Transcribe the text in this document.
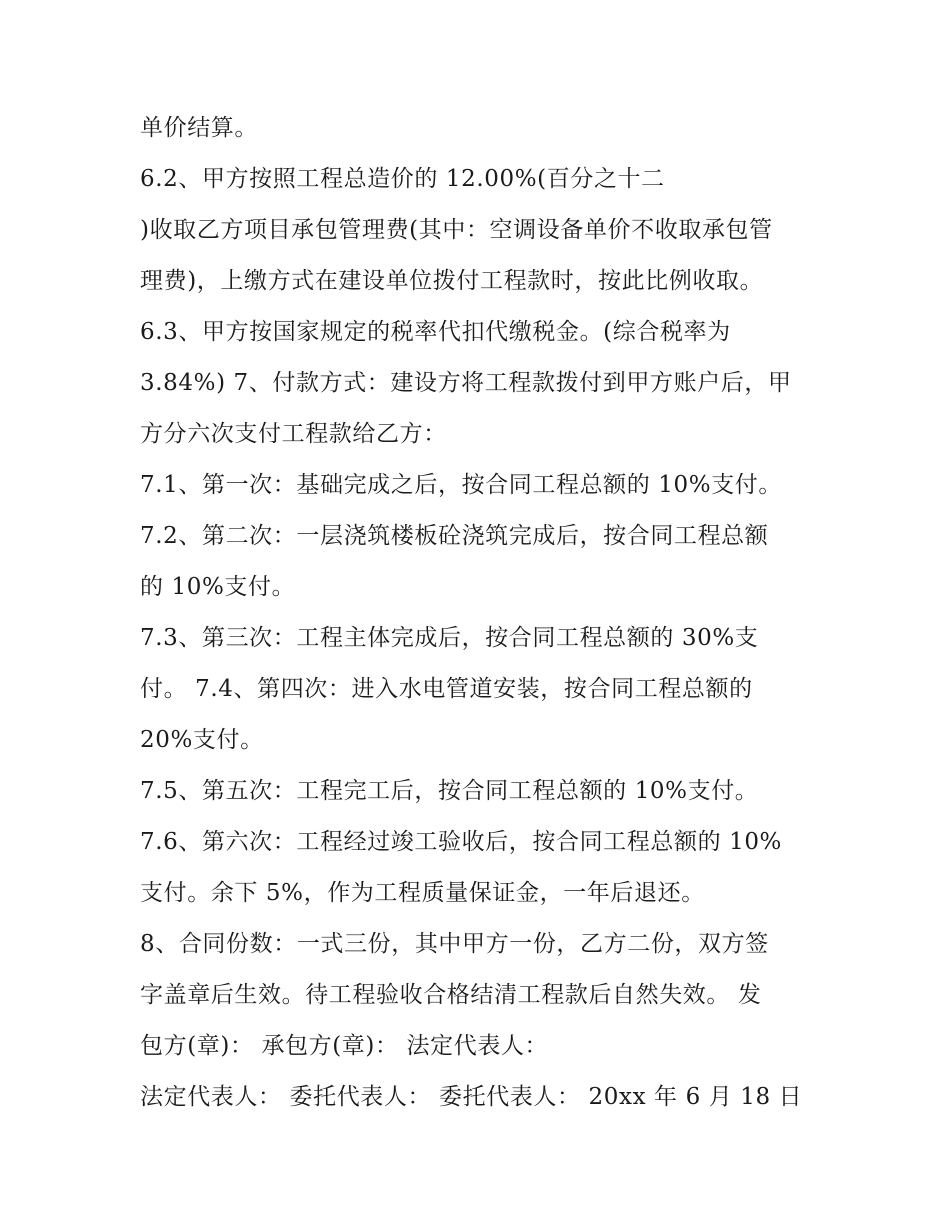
单价结算。
6.2、甲方按照工程总造价的 12.00%(百分之十二
)收取乙方项目承包管理费(其中：空调设备单价不收取承包管
理费)，上缴方式在建设单位拨付工程款时，按此比例收取。
6.3、甲方按国家规定的税率代扣代缴税金。(综合税率为
3.84%) 7、付款方式：建设方将工程款拨付到甲方账户后，甲
方分六次支付工程款给乙方：
7.1、第一次：基础完成之后，按合同工程总额的 10%支付。
7.2、第二次：一层浇筑楼板砼浇筑完成后，按合同工程总额
的 10%支付。
7.3、第三次：工程主体完成后，按合同工程总额的 30%支
付。 7.4、第四次：进入水电管道安装，按合同工程总额的
20%支付。
7.5、第五次：工程完工后，按合同工程总额的 10%支付。
7.6、第六次：工程经过竣工验收后，按合同工程总额的 10%
支付。余下 5%，作为工程质量保证金，一年后退还。
8、合同份数：一式三份，其中甲方一份，乙方二份，双方签
字盖章后生效。待工程验收合格结清工程款后自然失效。 发
包方(章)： 承包方(章)： 法定代表人：
法定代表人： 委托代表人： 委托代表人： 20xx 年 6 月 18 日
